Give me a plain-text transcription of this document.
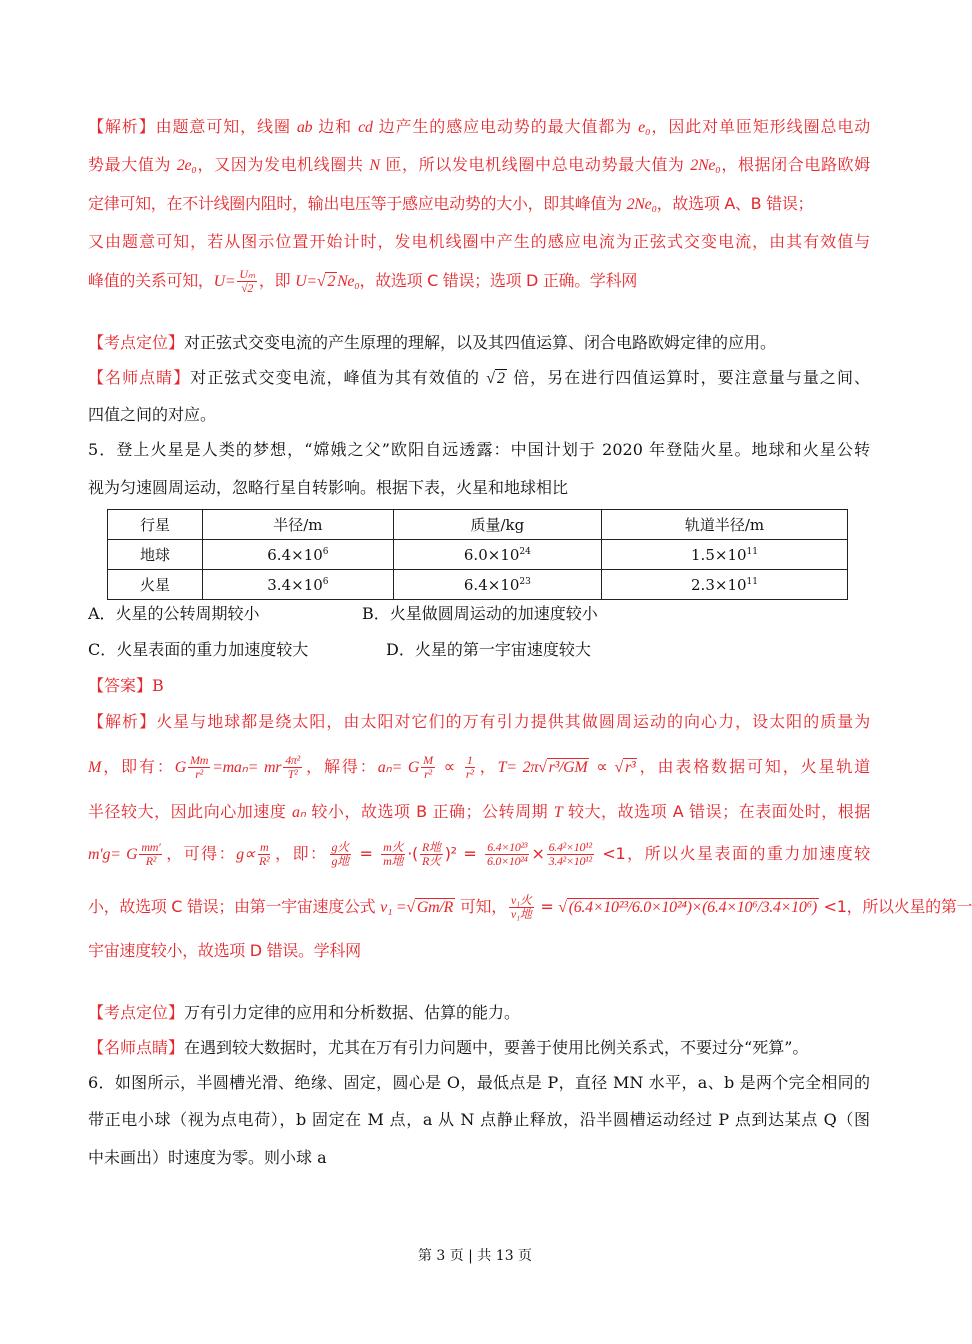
【解析】由题意可知，线圈 ab 边和 cd 边产生的感应电动势的最大值都为 e₀，因此对单匝矩形线圈总电动
势最大值为 2e₀，又因为发电机线圈共 N 匝，所以发电机线圈中总电动势最大值为 2Ne₀，根据闭合电路欧姆
定律可知，在不计线圈内阻时，输出电压等于感应电动势的大小，即其峰值为 2Ne₀，故选项 A、B 错误；
又由题意可知，若从图示位置开始计时，发电机线圈中产生的感应电流为正弦式交变电流，由其有效值与
峰值的关系可知，$U= \frac{\text{Uₘ}}{√2}$ ，即 U=√ 2 Ne₀，故选项 C 错误；选项 D 正确。学科网
【考点定位】对正弦式交变电流的产生原理的理解，以及其四值运算、闭合电路欧姆定律的应用。
【名师点睛】对正弦式交变电流，峰值为其有效值的 √ 2 倍，另在进行四值运算时，要注意量与量之间、
四值之间的对应。
5．登上火星是人类的梦想，“嫦娥之父”欧阳自远透露：中国计划于 2020 年登陆火星。地球和火星公转
视为匀速圆周运动，忽略行星自转影响。根据下表，火星和地球相比
行星	半径/m	质量/kg	轨道半径/m
地球	$6.4\times 10^6$	$6.0\times 10^{24}$	$1.5\times 10^{11}$
火星	$3.4\times 10^6$	$6.4\times 10^{23}$	$2.3\times 10^{11}$
A．火星的公转周期较小	B．火星做圆周运动的加速度较小
C．火星表面的重力加速度较大	D．火星的第一宇宙速度较大
【答案】B
【解析】火星与地球都是绕太阳，由太阳对它们的万有引力提供其做圆周运动的向心力，设太阳的质量为
M，即有：G $\frac{Mm}{\text{r²}} =ma_n=$ mr $\frac{\text{4π²}}{\text{T²}}$ ，解得：aₙ= G $\frac{M}{\text{r²}} \propto \frac{1}{\text{r²}}$ ，T= 2π√ r³/GM ∝ √ r³ ，由表格数据可知，火星轨道
半径较大，因此向心加速度 aₙ 较小，故选项 B 正确；公转周期 T 较大，故选项 A 错误；在表面处时，根据
m′g= G $\frac{mm'}{\text{R²}}$ ，可得：$g\propto \frac{m}{\text{R²}}$ ，即： $\frac{\text{g火}}{\text{g地}} = \frac{\text{m火}}{\text{m地}}$ ·( $\frac{\text{R地}}{\text{R火}} )^2 = \frac{\text{6.4×10²³}}{\text{6.0×10²⁴}} \times \frac{\text{6.4²×10¹²}}{\text{3.4²×10¹²}} <1$，所以火星表面的重力加速度较
小，故选项 C 错误；由第一宇宙速度公式 v₁ =√ Gm/R 可知， $\frac{\text{v₁火}}{\text{v₁地}}$ = √ (6.4×10²³/6.0×10²⁴)×(6.4×10⁶/3.4×10⁶) <1，所以火星的第一
宇宙速度较小，故选项 D 错误。学科网
【考点定位】万有引力定律的应用和分析数据、估算的能力。
【名师点睛】在遇到较大数据时，尤其在万有引力问题中，要善于使用比例关系式，不要过分“死算”。
6．如图所示，半圆槽光滑、绝缘、固定，圆心是 O，最低点是 P，直径 MN 水平，a、b 是两个完全相同的
带正电小球（视为点电荷），b 固定在 M 点，a 从 N 点静止释放，沿半圆槽运动经过 P 点到达某点 Q（图
中未画出）时速度为零。则小球 a
第 3 页 | 共 13 页
